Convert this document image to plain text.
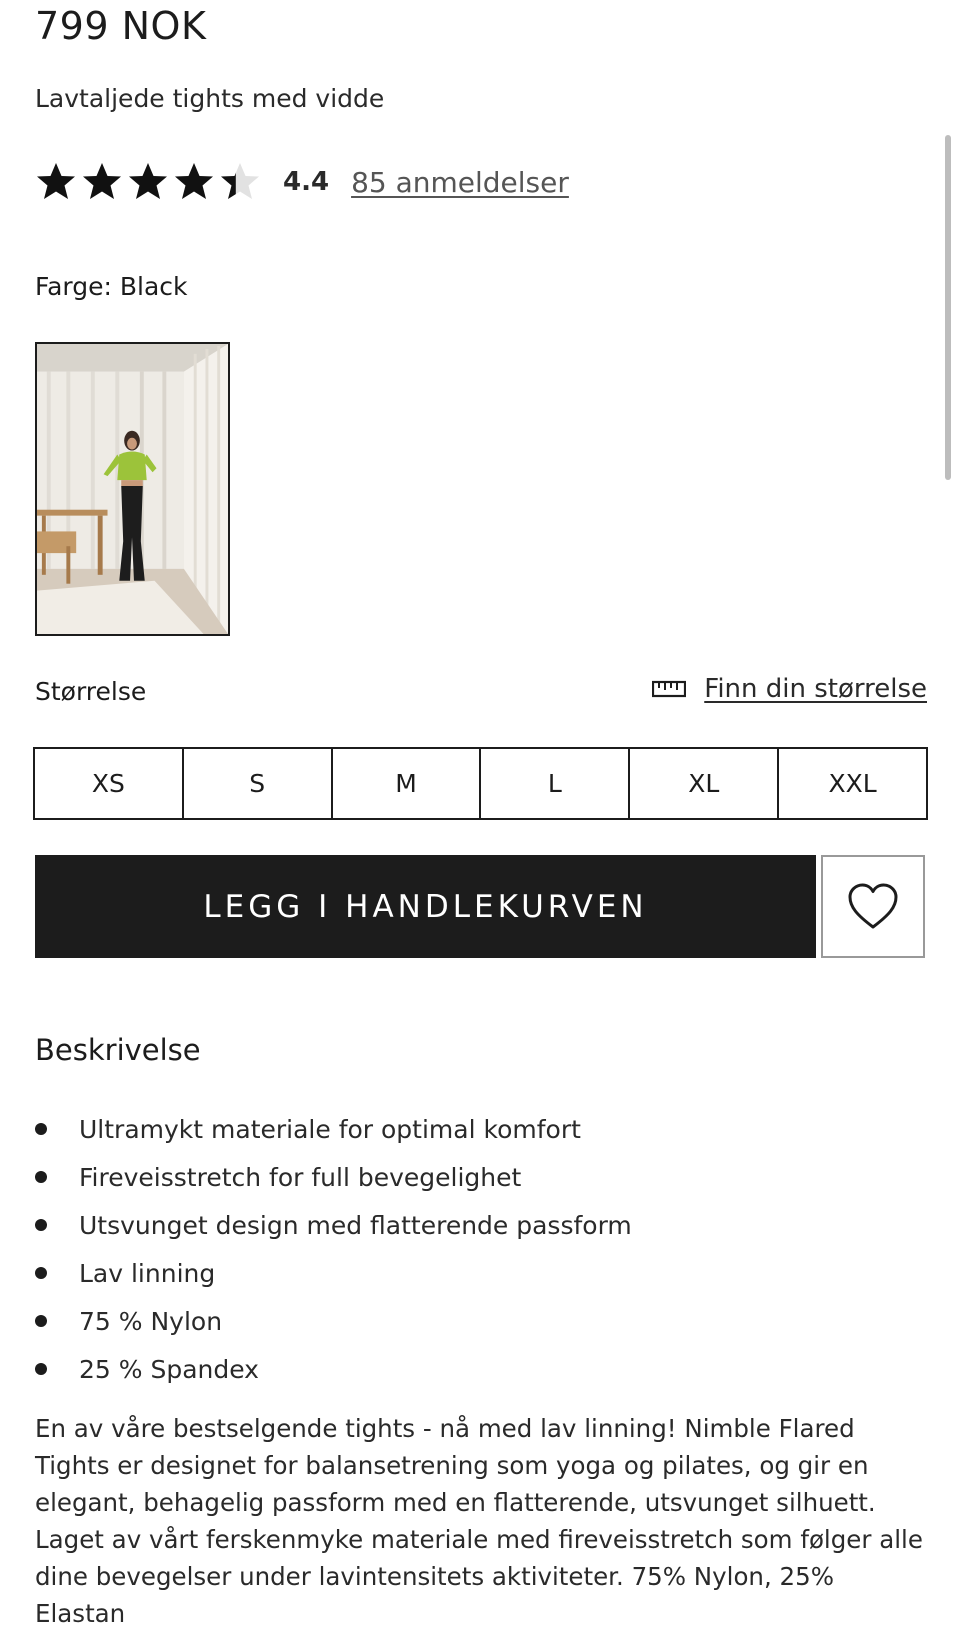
799 NOK
Lavtaljede tights med vidde
4.4 85 anmeldelser
Farge: Black
Størrelse	Finn din størrelse
XS	S	M	L	XL	XXL
LEGG I HANDLEKURVEN
Beskrivelse
Ultramykt materiale for optimal komfort
Fireveisstretch for full bevegelighet
Utsvunget design med flatterende passform
Lav linning
75 % Nylon
25 % Spandex

En av våre bestselgende tights - nå med lav linning! Nimble Flared Tights er designet for balansetrening som yoga og pilates, og gir en elegant, behagelig passform med en flatterende, utsvunget silhuett. Laget av vårt ferskenmyke materiale med fireveisstretch som følger alle dine bevegelser under lavintensitets aktiviteter. 75% Nylon, 25% Elastan
